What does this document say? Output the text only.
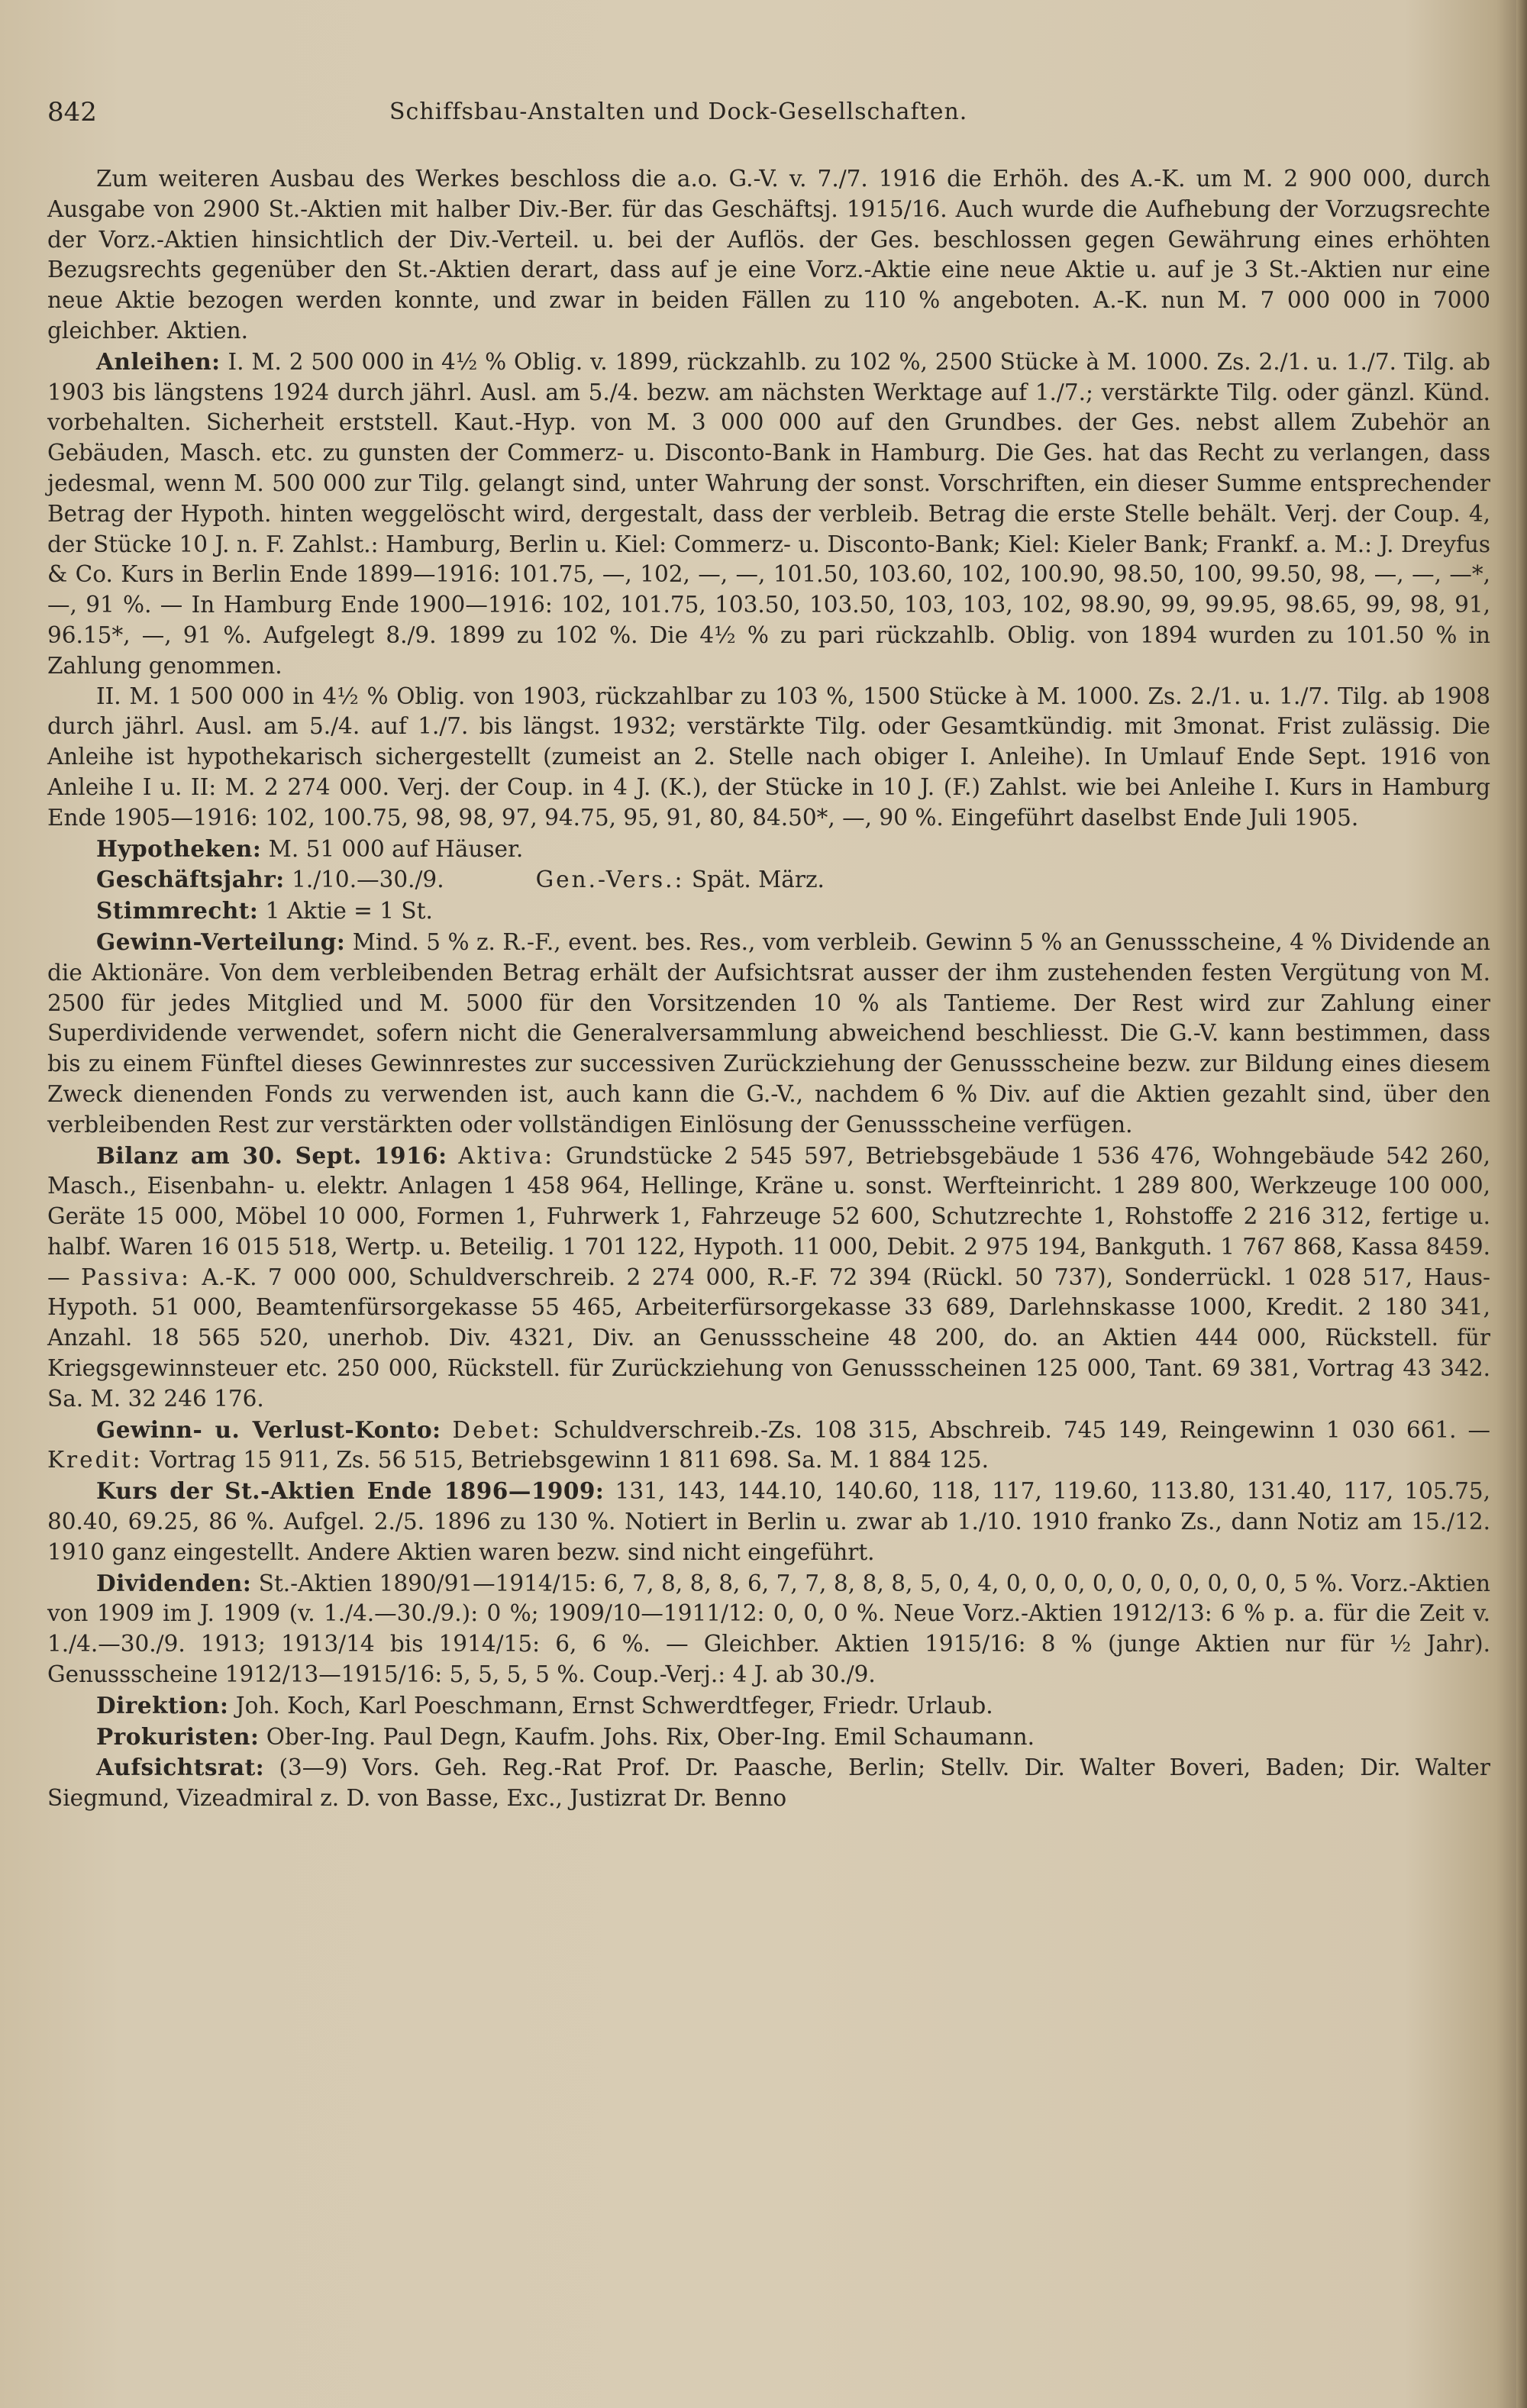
842	Schiffsbau-Anstalten und Dock-Gesellschaften.

Zum weiteren Ausbau des Werkes beschloss die a.o. G.-V. v. 7./7. 1916 die Erhöh. des A.-K. um M. 2 900 000, durch Ausgabe von 2900 St.-Aktien mit halber Div.-Ber. für das Geschäftsj. 1915/16. Auch wurde die Aufhebung der Vorzugsrechte der Vorz.-Aktien hinsichtlich der Div.-Verteil. u. bei der Auflös. der Ges. beschlossen gegen Gewährung eines erhöhten Bezugsrechts gegenüber den St.-Aktien derart, dass auf je eine Vorz.-Aktie eine neue Aktie u. auf je 3 St.-Aktien nur eine neue Aktie bezogen werden konnte, und zwar in beiden Fällen zu 110 % angeboten. A.-K. nun M. 7 000 000 in 7000 gleichber. Aktien.

Anleihen: I. M. 2 500 000 in 4½ % Oblig. v. 1899, rückzahlb. zu 102 %, 2500 Stücke à M. 1000. Zs. 2./1. u. 1./7. Tilg. ab 1903 bis längstens 1924 durch jährl. Ausl. am 5./4. bezw. am nächsten Werktage auf 1./7.; verstärkte Tilg. oder gänzl. Künd. vorbehalten. Sicherheit erststell. Kaut.-Hyp. von M. 3 000 000 auf den Grundbes. der Ges. nebst allem Zubehör an Gebäuden, Masch. etc. zu gunsten der Commerz- u. Disconto-Bank in Hamburg. Die Ges. hat das Recht zu verlangen, dass jedesmal, wenn M. 500 000 zur Tilg. gelangt sind, unter Wahrung der sonst. Vorschriften, ein dieser Summe entsprechender Betrag der Hypoth. hinten weggelöscht wird, dergestalt, dass der verbleib. Betrag die erste Stelle behält. Verj. der Coup. 4, der Stücke 10 J. n. F. Zahlst.: Hamburg, Berlin u. Kiel: Commerz- u. Disconto-Bank; Kiel: Kieler Bank; Frankf. a. M.: J. Dreyfus & Co. Kurs in Berlin Ende 1899—1916: 101.75, —, 102, —, —, 101.50, 103.60, 102, 100.90, 98.50, 100, 99.50, 98, —, —, —*, —, 91 %. — In Hamburg Ende 1900—1916: 102, 101.75, 103.50, 103.50, 103, 103, 102, 98.90, 99, 99.95, 98.65, 99, 98, 91, 96.15*, —, 91 %. Aufgelegt 8./9. 1899 zu 102 %. Die 4½ % zu pari rückzahlb. Oblig. von 1894 wurden zu 101.50 % in Zahlung genommen.

II. M. 1 500 000 in 4½ % Oblig. von 1903, rückzahlbar zu 103 %, 1500 Stücke à M. 1000. Zs. 2./1. u. 1./7. Tilg. ab 1908 durch jährl. Ausl. am 5./4. auf 1./7. bis längst. 1932; verstärkte Tilg. oder Gesamtkündig. mit 3monat. Frist zulässig. Die Anleihe ist hypothekarisch sichergestellt (zumeist an 2. Stelle nach obiger I. Anleihe). In Umlauf Ende Sept. 1916 von Anleihe I u. II: M. 2 274 000. Verj. der Coup. in 4 J. (K.), der Stücke in 10 J. (F.) Zahlst. wie bei Anleihe I. Kurs in Hamburg Ende 1905—1916: 102, 100.75, 98, 98, 97, 94.75, 95, 91, 80, 84.50*, —, 90 %. Eingeführt daselbst Ende Juli 1905.

Hypotheken: M. 51 000 auf Häuser.

Geschäftsjahr: 1./10.—30./9.	Gen.-Vers.: Spät. März.

Stimmrecht: 1 Aktie = 1 St.

Gewinn-Verteilung: Mind. 5 % z. R.-F., event. bes. Res., vom verbleib. Gewinn 5 % an Genussscheine, 4 % Dividende an die Aktionäre. Von dem verbleibenden Betrag erhält der Aufsichtsrat ausser der ihm zustehenden festen Vergütung von M. 2500 für jedes Mitglied und M. 5000 für den Vorsitzenden 10 % als Tantieme. Der Rest wird zur Zahlung einer Superdividende verwendet, sofern nicht die Generalversammlung abweichend beschliesst. Die G.-V. kann bestimmen, dass bis zu einem Fünftel dieses Gewinnrestes zur successiven Zurückziehung der Genussscheine bezw. zur Bildung eines diesem Zweck dienenden Fonds zu verwenden ist, auch kann die G.-V., nachdem 6 % Div. auf die Aktien gezahlt sind, über den verbleibenden Rest zur verstärkten oder vollständigen Einlösung der Genussscheine verfügen.

Bilanz am 30. Sept. 1916: Aktiva: Grundstücke 2 545 597, Betriebsgebäude 1 536 476, Wohngebäude 542 260, Masch., Eisenbahn- u. elektr. Anlagen 1 458 964, Hellinge, Kräne u. sonst. Werfteinricht. 1 289 800, Werkzeuge 100 000, Geräte 15 000, Möbel 10 000, Formen 1, Fuhrwerk 1, Fahrzeuge 52 600, Schutzrechte 1, Rohstoffe 2 216 312, fertige u. halbf. Waren 16 015 518, Wertp. u. Beteilig. 1 701 122, Hypoth. 11 000, Debit. 2 975 194, Bankguth. 1 767 868, Kassa 8459. — Passiva: A.-K. 7 000 000, Schuldverschreib. 2 274 000, R.-F. 72 394 (Rückl. 50 737), Sonderrückl. 1 028 517, Haus-Hypoth. 51 000, Beamtenfürsorgekasse 55 465, Arbeiterfürsorgekasse 33 689, Darlehnskasse 1000, Kredit. 2 180 341, Anzahl. 18 565 520, unerhob. Div. 4321, Div. an Genussscheine 48 200, do. an Aktien 444 000, Rückstell. für Kriegsgewinnsteuer etc. 250 000, Rückstell. für Zurückziehung von Genussscheinen 125 000, Tant. 69 381, Vortrag 43 342. Sa. M. 32 246 176.

Gewinn- u. Verlust-Konto: Debet: Schuldverschreib.-Zs. 108 315, Abschreib. 745 149, Reingewinn 1 030 661. — Kredit: Vortrag 15 911, Zs. 56 515, Betriebsgewinn 1 811 698. Sa. M. 1 884 125.

Kurs der St.-Aktien Ende 1896—1909: 131, 143, 144.10, 140.60, 118, 117, 119.60, 113.80, 131.40, 117, 105.75, 80.40, 69.25, 86 %. Aufgel. 2./5. 1896 zu 130 %. Notiert in Berlin u. zwar ab 1./10. 1910 franko Zs., dann Notiz am 15./12. 1910 ganz eingestellt. Andere Aktien waren bezw. sind nicht eingeführt.

Dividenden: St.-Aktien 1890/91—1914/15: 6, 7, 8, 8, 8, 6, 7, 7, 8, 8, 8, 5, 0, 4, 0, 0, 0, 0, 0, 0, 0, 0, 0, 0, 5 %. Vorz.-Aktien von 1909 im J. 1909 (v. 1./4.—30./9.): 0 %; 1909/10—1911/12: 0, 0, 0 %. Neue Vorz.-Aktien 1912/13: 6 % p. a. für die Zeit v. 1./4.—30./9. 1913; 1913/14 bis 1914/15: 6, 6 %. — Gleichber. Aktien 1915/16: 8 % (junge Aktien nur für ½ Jahr). Genussscheine 1912/13—1915/16: 5, 5, 5, 5 %. Coup.-Verj.: 4 J. ab 30./9.

Direktion: Joh. Koch, Karl Poeschmann, Ernst Schwerdtfeger, Friedr. Urlaub.

Prokuristen: Ober-Ing. Paul Degn, Kaufm. Johs. Rix, Ober-Ing. Emil Schaumann.

Aufsichtsrat: (3—9) Vors. Geh. Reg.-Rat Prof. Dr. Paasche, Berlin; Stellv. Dir. Walter Boveri, Baden; Dir. Walter Siegmund, Vizeadmiral z. D. von Basse, Exc., Justizrat Dr. Benno
